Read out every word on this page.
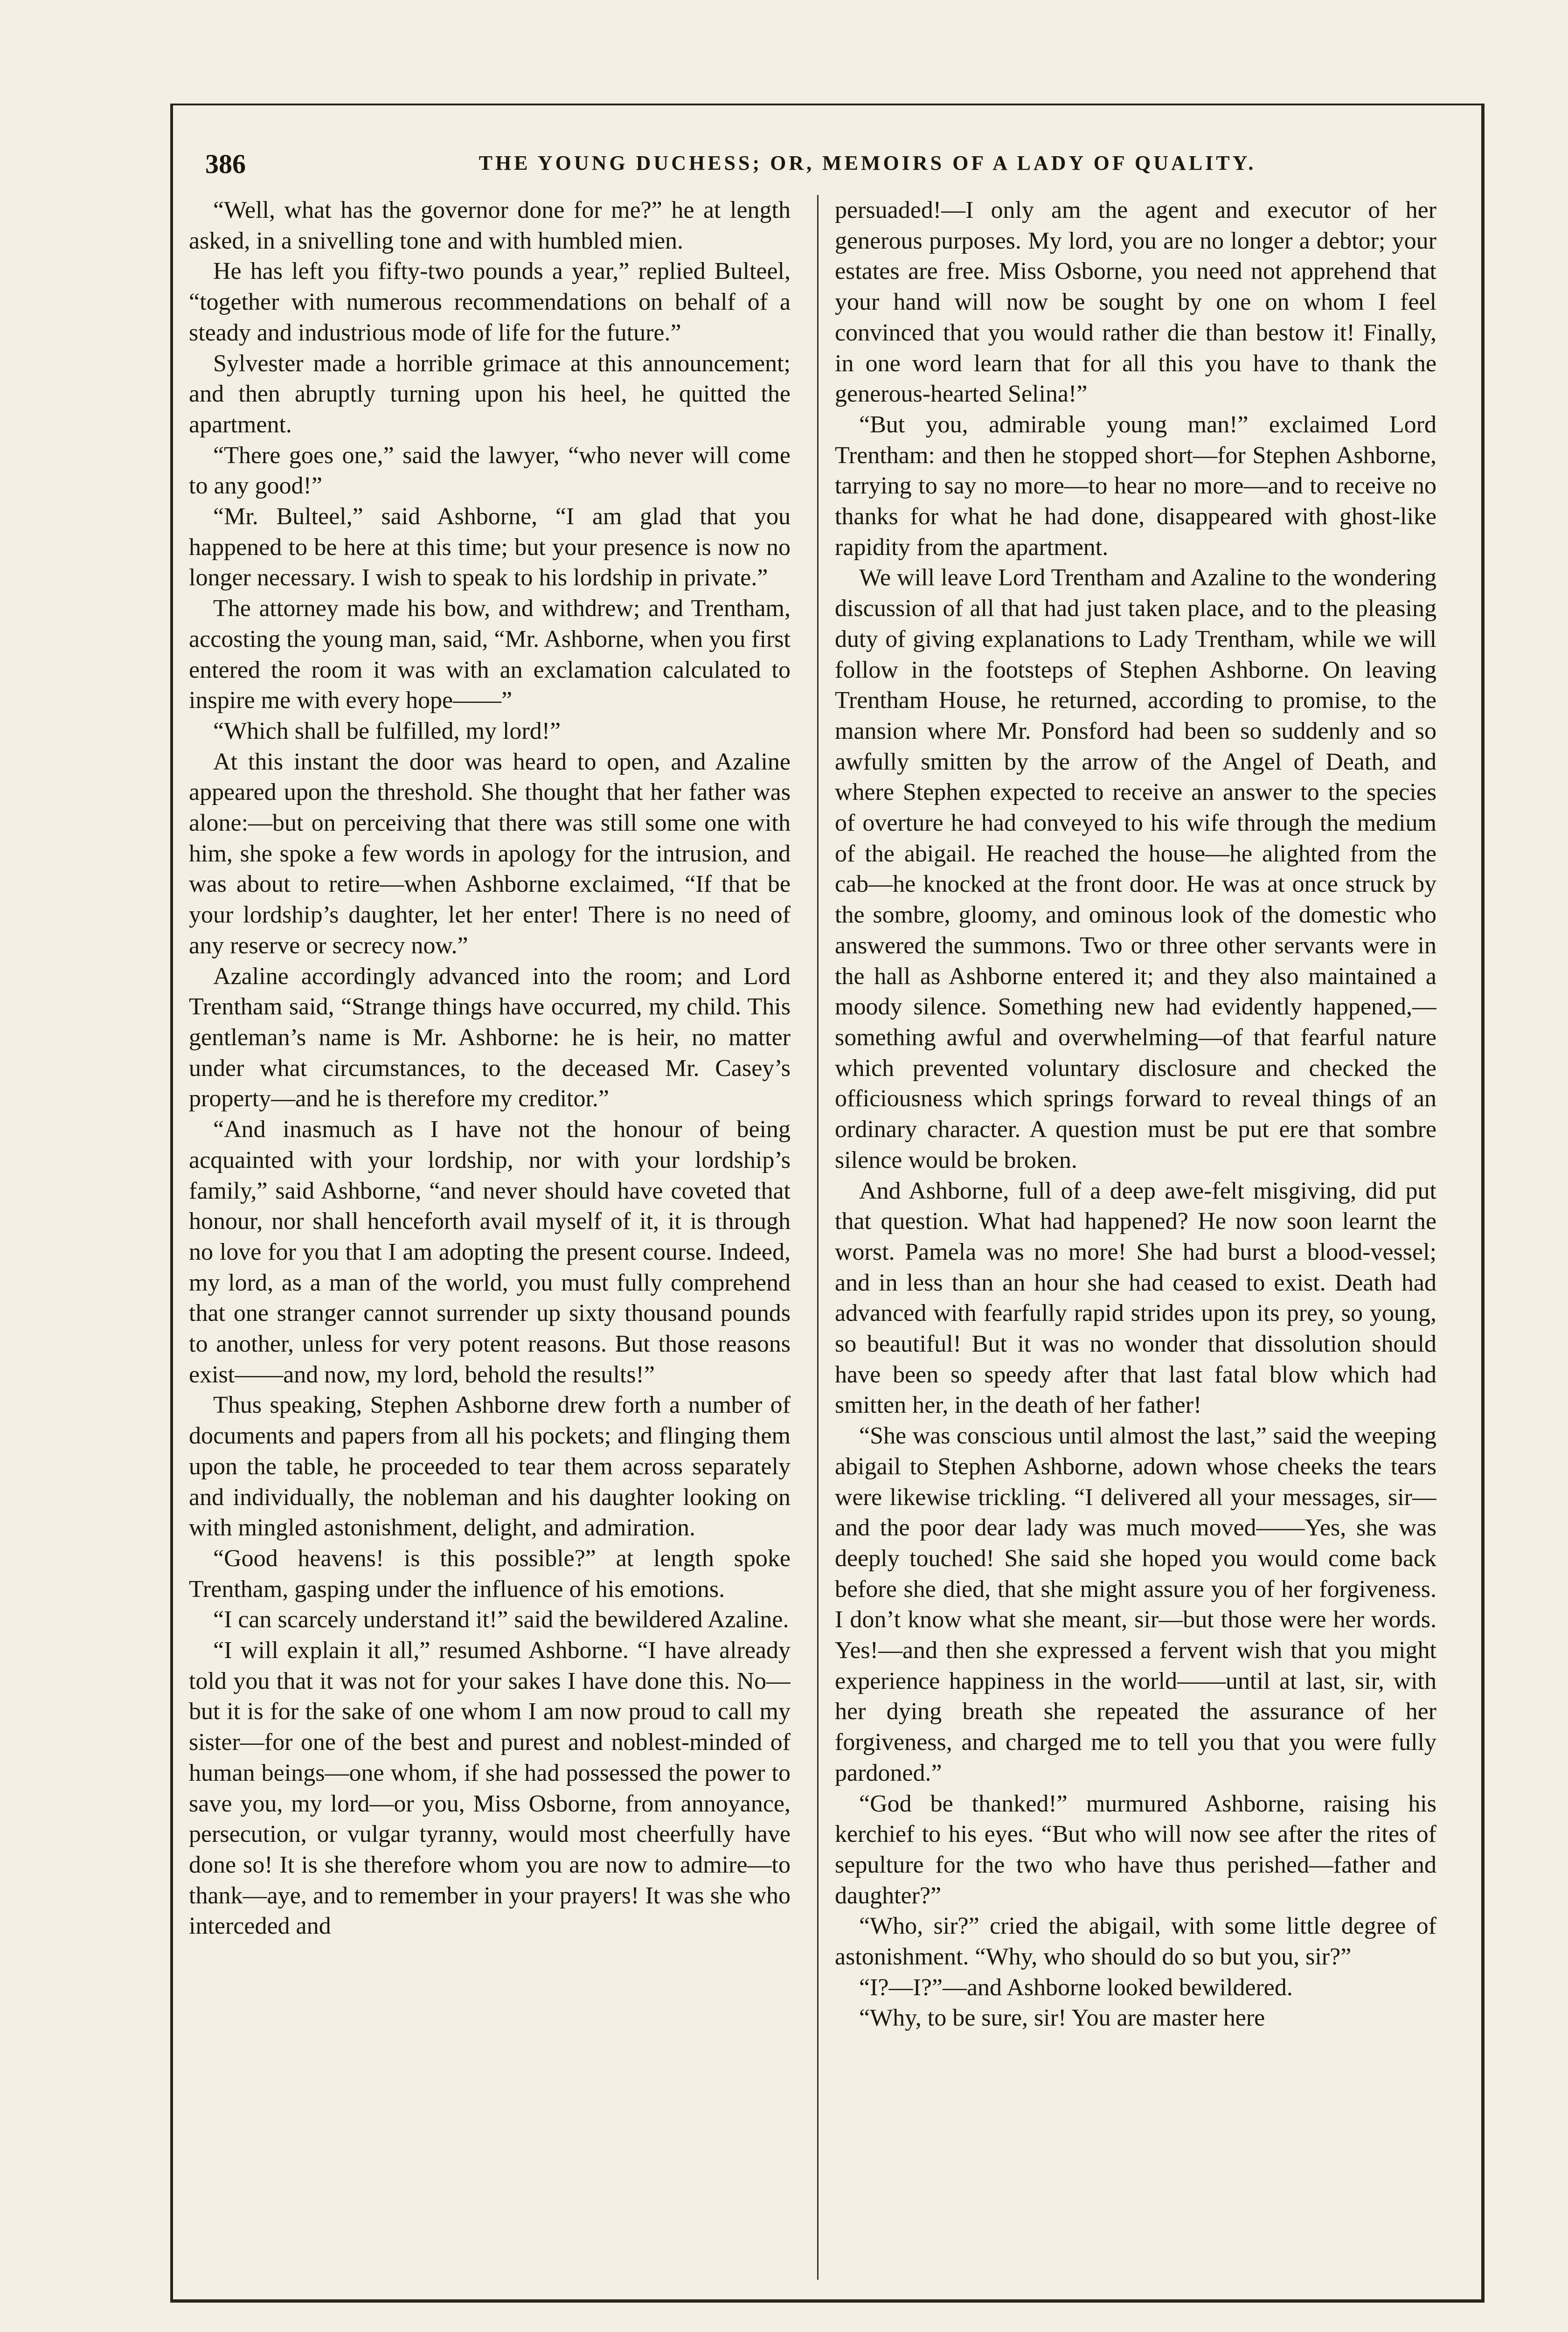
386	THE YOUNG DUCHESS; OR, MEMOIRS OF A LADY OF QUALITY.

“Well, what has the governor done for me?” he at length asked, in a snivelling tone and with humbled mien.

He has left you fifty-two pounds a year,” replied Bulteel, “together with numerous recommendations on behalf of a steady and industrious mode of life for the future.”

Sylvester made a horrible grimace at this announcement; and then abruptly turning upon his heel, he quitted the apartment.

“There goes one,” said the lawyer, “who never will come to any good!”

“Mr. Bulteel,” said Ashborne, “I am glad that you happened to be here at this time; but your presence is now no longer necessary. I wish to speak to his lordship in private.”

The attorney made his bow, and withdrew; and Trentham, accosting the young man, said, “Mr. Ashborne, when you first entered the room it was with an exclamation calculated to inspire me with every hope——”

“Which shall be fulfilled, my lord!”

At this instant the door was heard to open, and Azaline appeared upon the threshold. She thought that her father was alone:—but on perceiving that there was still some one with him, she spoke a few words in apology for the intrusion, and was about to retire—when Ashborne exclaimed, “If that be your lordship’s daughter, let her enter! There is no need of any reserve or secrecy now.”

Azaline accordingly advanced into the room; and Lord Trentham said, “Strange things have occurred, my child. This gentleman’s name is Mr. Ashborne: he is heir, no matter under what circumstances, to the deceased Mr. Casey’s property—and he is therefore my creditor.”

“And inasmuch as I have not the honour of being acquainted with your lordship, nor with your lordship’s family,” said Ashborne, “and never should have coveted that honour, nor shall henceforth avail myself of it, it is through no love for you that I am adopting the present course. Indeed, my lord, as a man of the world, you must fully comprehend that one stranger cannot surrender up sixty thousand pounds to another, unless for very potent reasons. But those reasons exist——and now, my lord, behold the results!”

Thus speaking, Stephen Ashborne drew forth a number of documents and papers from all his pockets; and flinging them upon the table, he proceeded to tear them across separately and individually, the nobleman and his daughter looking on with mingled astonishment, delight, and admiration.

“Good heavens! is this possible?” at length spoke Trentham, gasping under the influence of his emotions.

“I can scarcely understand it!” said the bewildered Azaline.

“I will explain it all,” resumed Ashborne. “I have already told you that it was not for your sakes I have done this. No—but it is for the sake of one whom I am now proud to call my sister—for one of the best and purest and noblest-minded of human beings—one whom, if she had possessed the power to save you, my lord—or you, Miss Osborne, from annoyance, persecution, or vulgar tyranny, would most cheerfully have done so! It is she therefore whom you are now to admire—to thank—aye, and to remember in your prayers! It was she who interceded and

persuaded!—I only am the agent and executor of her generous purposes. My lord, you are no longer a debtor; your estates are free. Miss Osborne, you need not apprehend that your hand will now be sought by one on whom I feel convinced that you would rather die than bestow it! Finally, in one word learn that for all this you have to thank the generous-hearted Selina!”

“But you, admirable young man!” exclaimed Lord Trentham: and then he stopped short—for Stephen Ashborne, tarrying to say no more—to hear no more—and to receive no thanks for what he had done, disappeared with ghost-like rapidity from the apartment.

We will leave Lord Trentham and Azaline to the wondering discussion of all that had just taken place, and to the pleasing duty of giving explanations to Lady Trentham, while we will follow in the footsteps of Stephen Ashborne. On leaving Trentham House, he returned, according to promise, to the mansion where Mr. Ponsford had been so suddenly and so awfully smitten by the arrow of the Angel of Death, and where Stephen expected to receive an answer to the species of overture he had conveyed to his wife through the medium of the abigail. He reached the house—he alighted from the cab—he knocked at the front door. He was at once struck by the sombre, gloomy, and ominous look of the domestic who answered the summons. Two or three other servants were in the hall as Ashborne entered it; and they also maintained a moody silence. Something new had evidently happened,—something awful and overwhelming—of that fearful nature which prevented voluntary disclosure and checked the officiousness which springs forward to reveal things of an ordinary character. A question must be put ere that sombre silence would be broken.

And Ashborne, full of a deep awe-felt misgiving, did put that question. What had happened? He now soon learnt the worst. Pamela was no more! She had burst a blood-vessel; and in less than an hour she had ceased to exist. Death had advanced with fearfully rapid strides upon its prey, so young, so beautiful! But it was no wonder that dissolution should have been so speedy after that last fatal blow which had smitten her, in the death of her father!

“She was conscious until almost the last,” said the weeping abigail to Stephen Ashborne, adown whose cheeks the tears were likewise trickling. “I delivered all your messages, sir—and the poor dear lady was much moved——Yes, she was deeply touched! She said she hoped you would come back before she died, that she might assure you of her forgiveness. I don’t know what she meant, sir—but those were her words. Yes!—and then she expressed a fervent wish that you might experience happiness in the world——until at last, sir, with her dying breath she repeated the assurance of her forgiveness, and charged me to tell you that you were fully pardoned.”

“God be thanked!” murmured Ashborne, raising his kerchief to his eyes. “But who will now see after the rites of sepulture for the two who have thus perished—father and daughter?”

“Who, sir?” cried the abigail, with some little degree of astonishment. “Why, who should do so but you, sir?”

“I?—I?”—and Ashborne looked bewildered.

“Why, to be sure, sir! You are master here
